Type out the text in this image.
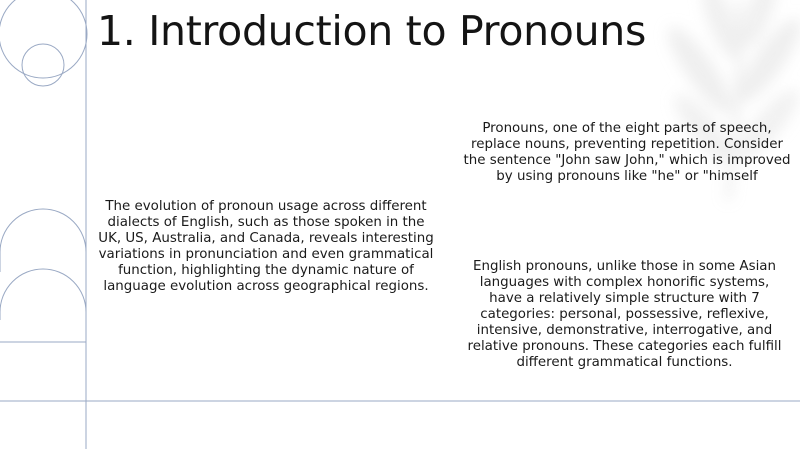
1. Introduction to Pronouns

The evolution of pronoun usage across different dialects of English, such as those spoken in the UK, US, Australia, and Canada, reveals interesting variations in pronunciation and even grammatical function, highlighting the dynamic nature of language evolution across geographical regions.

Pronouns, one of the eight parts of speech, replace nouns, preventing repetition. Consider the sentence "John saw John," which is improved by using pronouns like "he" or "himself

English pronouns, unlike those in some Asian languages with complex honorific systems, have a relatively simple structure with 7 categories: personal, possessive, reflexive, intensive, demonstrative, interrogative, and relative pronouns. These categories each fulfill different grammatical functions.
